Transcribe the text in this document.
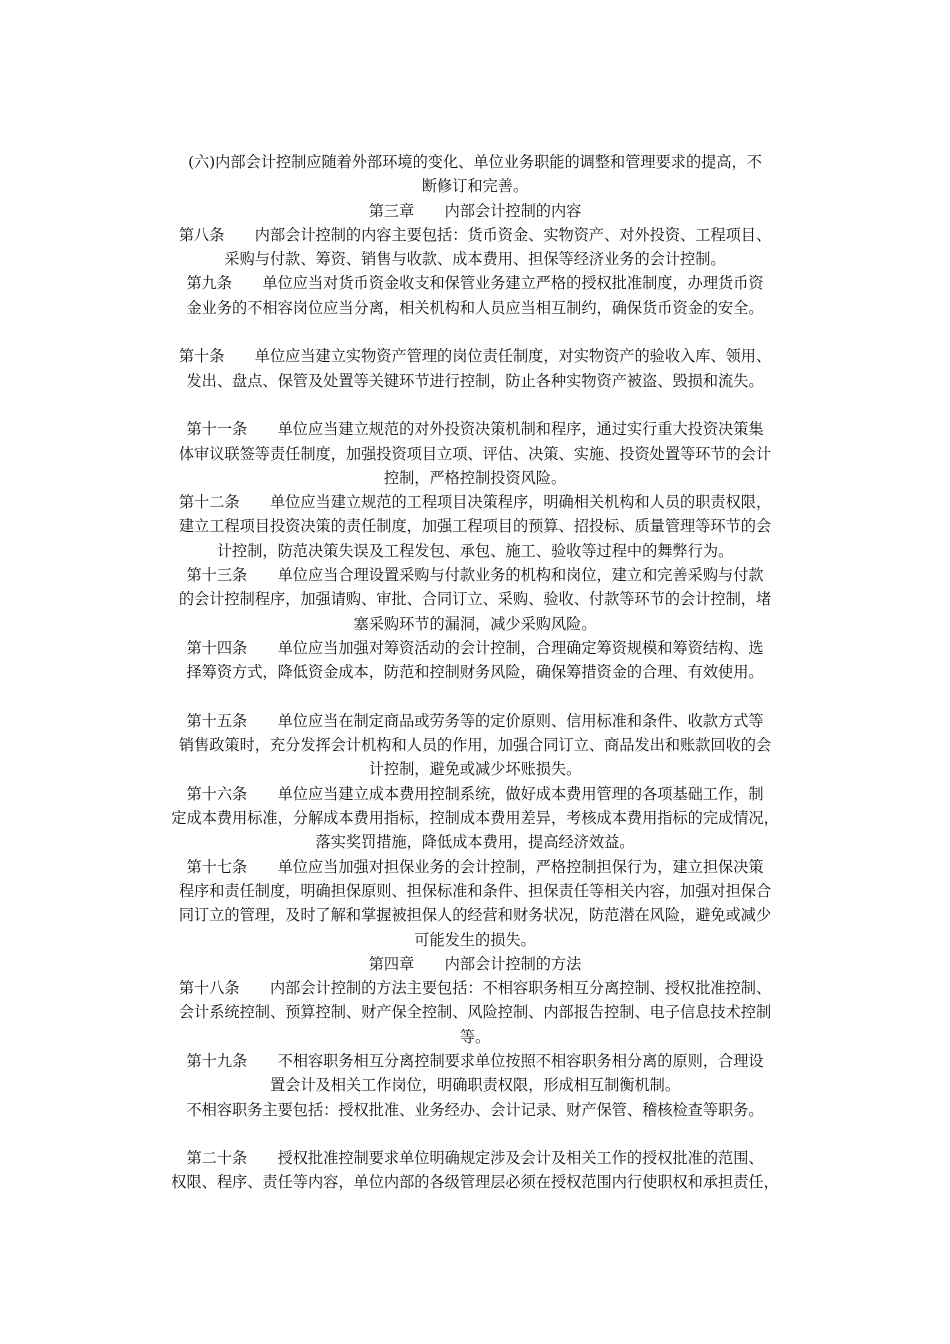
(六)内部会计控制应随着外部环境的变化、单位业务职能的调整和管理要求的提高，不
断修订和完善。
第三章　　内部会计控制的内容
第八条　　内部会计控制的内容主要包括：货币资金、实物资产、对外投资、工程项目、
采购与付款、筹资、销售与收款、成本费用、担保等经济业务的会计控制。
第九条　　单位应当对货币资金收支和保管业务建立严格的授权批准制度，办理货币资
金业务的不相容岗位应当分离，相关机构和人员应当相互制约，确保货币资金的安全。
第十条　　单位应当建立实物资产管理的岗位责任制度，对实物资产的验收入库、领用、
发出、盘点、保管及处置等关键环节进行控制，防止各种实物资产被盗、毁损和流失。
第十一条　　单位应当建立规范的对外投资决策机制和程序，通过实行重大投资决策集
体审议联签等责任制度，加强投资项目立项、评估、决策、实施、投资处置等环节的会计
控制，严格控制投资风险。
第十二条　　单位应当建立规范的工程项目决策程序，明确相关机构和人员的职责权限，
建立工程项目投资决策的责任制度，加强工程项目的预算、招投标、质量管理等环节的会
计控制，防范决策失误及工程发包、承包、施工、验收等过程中的舞弊行为。
第十三条　　单位应当合理设置采购与付款业务的机构和岗位，建立和完善采购与付款
的会计控制程序，加强请购、审批、合同订立、采购、验收、付款等环节的会计控制，堵
塞采购环节的漏洞，减少采购风险。
第十四条　　单位应当加强对筹资活动的会计控制，合理确定筹资规模和筹资结构、选
择筹资方式，降低资金成本，防范和控制财务风险，确保筹措资金的合理、有效使用。
第十五条　　单位应当在制定商品或劳务等的定价原则、信用标准和条件、收款方式等
销售政策时，充分发挥会计机构和人员的作用，加强合同订立、商品发出和账款回收的会
计控制，避免或减少坏账损失。
第十六条　　单位应当建立成本费用控制系统，做好成本费用管理的各项基础工作，制
定成本费用标准，分解成本费用指标，控制成本费用差异，考核成本费用指标的完成情况，
落实奖罚措施，降低成本费用，提高经济效益。
第十七条　　单位应当加强对担保业务的会计控制，严格控制担保行为，建立担保决策
程序和责任制度，明确担保原则、担保标准和条件、担保责任等相关内容，加强对担保合
同订立的管理，及时了解和掌握被担保人的经营和财务状况，防范潜在风险，避免或减少
可能发生的损失。
第四章　　内部会计控制的方法
第十八条　　内部会计控制的方法主要包括：不相容职务相互分离控制、授权批准控制、
会计系统控制、预算控制、财产保全控制、风险控制、内部报告控制、电子信息技术控制
等。
第十九条　　不相容职务相互分离控制要求单位按照不相容职务相分离的原则，合理设
置会计及相关工作岗位，明确职责权限，形成相互制衡机制。
不相容职务主要包括：授权批准、业务经办、会计记录、财产保管、稽核检查等职务。
第二十条　　授权批准控制要求单位明确规定涉及会计及相关工作的授权批准的范围、
权限、程序、责任等内容，单位内部的各级管理层必须在授权范围内行使职权和承担责任，
